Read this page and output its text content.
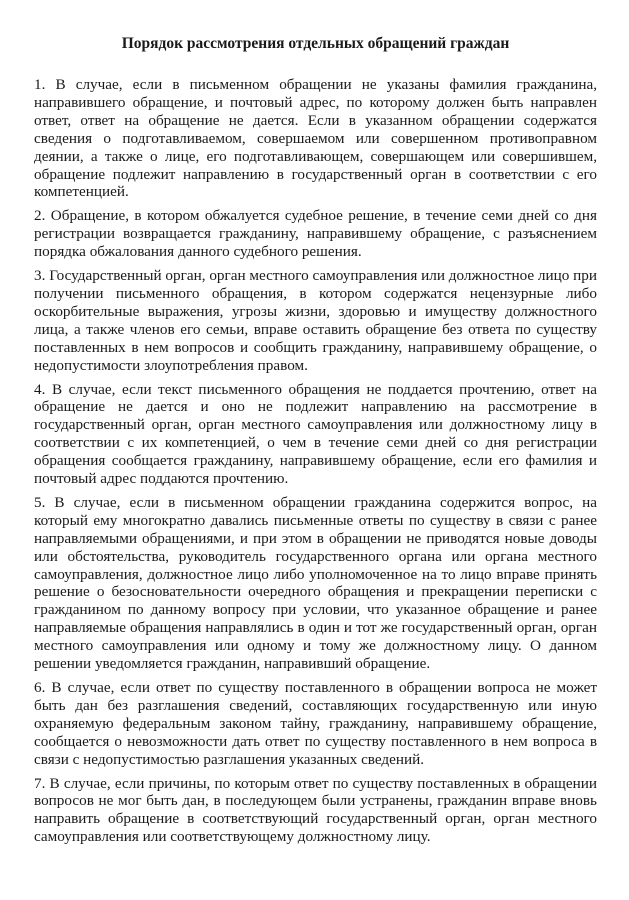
Порядок рассмотрения отдельных обращений граждан

1. В случае, если в письменном обращении не указаны фамилия гражданина, направившего обращение, и почтовый адрес, по которому должен быть направлен ответ, ответ на обращение не дается. Если в указанном обращении содержатся сведения о подготавливаемом, совершаемом или совершенном противоправном деянии, а также о лице, его подготавливающем, совершающем или совершившем, обращение подлежит направлению в государственный орган в соответствии с его компетенцией.

2. Обращение, в котором обжалуется судебное решение, в течение семи дней со дня регистрации возвращается гражданину, направившему обращение, с разъяснением порядка обжалования данного судебного решения.

3. Государственный орган, орган местного самоуправления или должностное лицо при получении письменного обращения, в котором содержатся нецензурные либо оскорбительные выражения, угрозы жизни, здоровью и имуществу должностного лица, а также членов его семьи, вправе оставить обращение без ответа по существу поставленных в нем вопросов и сообщить гражданину, направившему обращение, о недопустимости злоупотребления правом.

4. В случае, если текст письменного обращения не поддается прочтению, ответ на обращение не дается и оно не подлежит направлению на рассмотрение в государственный орган, орган местного самоуправления или должностному лицу в соответствии с их компетенцией, о чем в течение семи дней со дня регистрации обращения сообщается гражданину, направившему обращение, если его фамилия и почтовый адрес поддаются прочтению.

5. В случае, если в письменном обращении гражданина содержится вопрос, на который ему многократно давались письменные ответы по существу в связи с ранее направляемыми обращениями, и при этом в обращении не приводятся новые доводы или обстоятельства, руководитель государственного органа или органа местного самоуправления, должностное лицо либо уполномоченное на то лицо вправе принять решение о безосновательности очередного обращения и прекращении переписки с гражданином по данному вопросу при условии, что указанное обращение и ранее направляемые обращения направлялись в один и тот же государственный орган, орган местного самоуправления или одному и тому же должностному лицу. О данном решении уведомляется гражданин, направивший обращение.

6. В случае, если ответ по существу поставленного в обращении вопроса не может быть дан без разглашения сведений, составляющих государственную или иную охраняемую федеральным законом тайну, гражданину, направившему обращение, сообщается о невозможности дать ответ по существу поставленного в нем вопроса в связи с недопустимостью разглашения указанных сведений.

7. В случае, если причины, по которым ответ по существу поставленных в обращении вопросов не мог быть дан, в последующем были устранены, гражданин вправе вновь направить обращение в соответствующий государственный орган, орган местного самоуправления или соответствующему должностному лицу.
